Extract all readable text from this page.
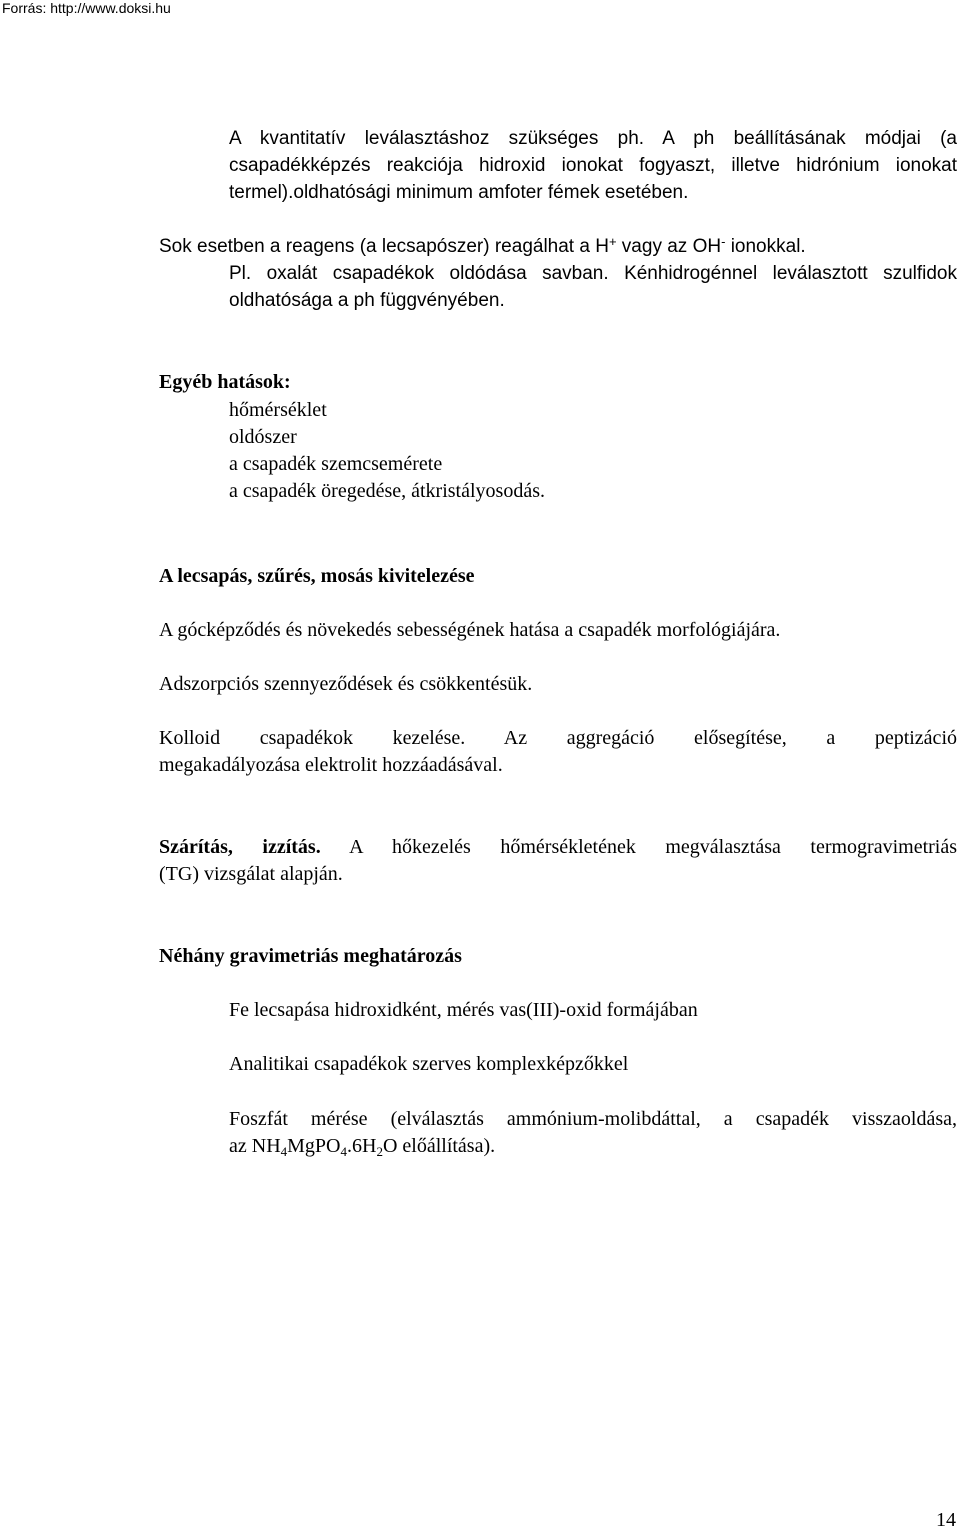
Forrás: http://www.doksi.hu
A kvantitatív leválasztáshoz szükséges ph. A ph beállításának módjai (a
csapadékképzés reakciója hidroxid ionokat fogyaszt, illetve hidrónium ionokat
termel).oldhatósági minimum amfoter fémek esetében.
Sok esetben a reagens (a lecsapószer) reagálhat a H+ vagy az OH- ionokkal.
Pl. oxalát csapadékok oldódása savban. Kénhidrogénnel leválasztott szulfidok
oldhatósága a ph függvényében.
Egyéb hatások:
hőmérséklet
oldószer
a csapadék szemcsemérete
a csapadék öregedése, átkristályosodás.
A lecsapás, szűrés, mosás kivitelezése
A gócképződés és növekedés sebességének hatása a csapadék morfológiájára.
Adszorpciós szennyeződések és csökkentésük.
Kolloid csapadékok kezelése. Az aggregáció elősegítése, a peptizáció
megakadályozása elektrolit hozzáadásával.
Szárítás, izzítás. A hőkezelés hőmérsékletének megválasztása termogravimetriás
(TG) vizsgálat alapján.
Néhány gravimetriás meghatározás
Fe lecsapása hidroxidként, mérés vas(III)-oxid formájában
Analitikai csapadékok szerves komplexképzőkkel
Foszfát mérése (elválasztás ammónium-molibdáttal, a csapadék visszaoldása,
az $NH_4MgPO_4.6H_2O$ előállítása).
14
